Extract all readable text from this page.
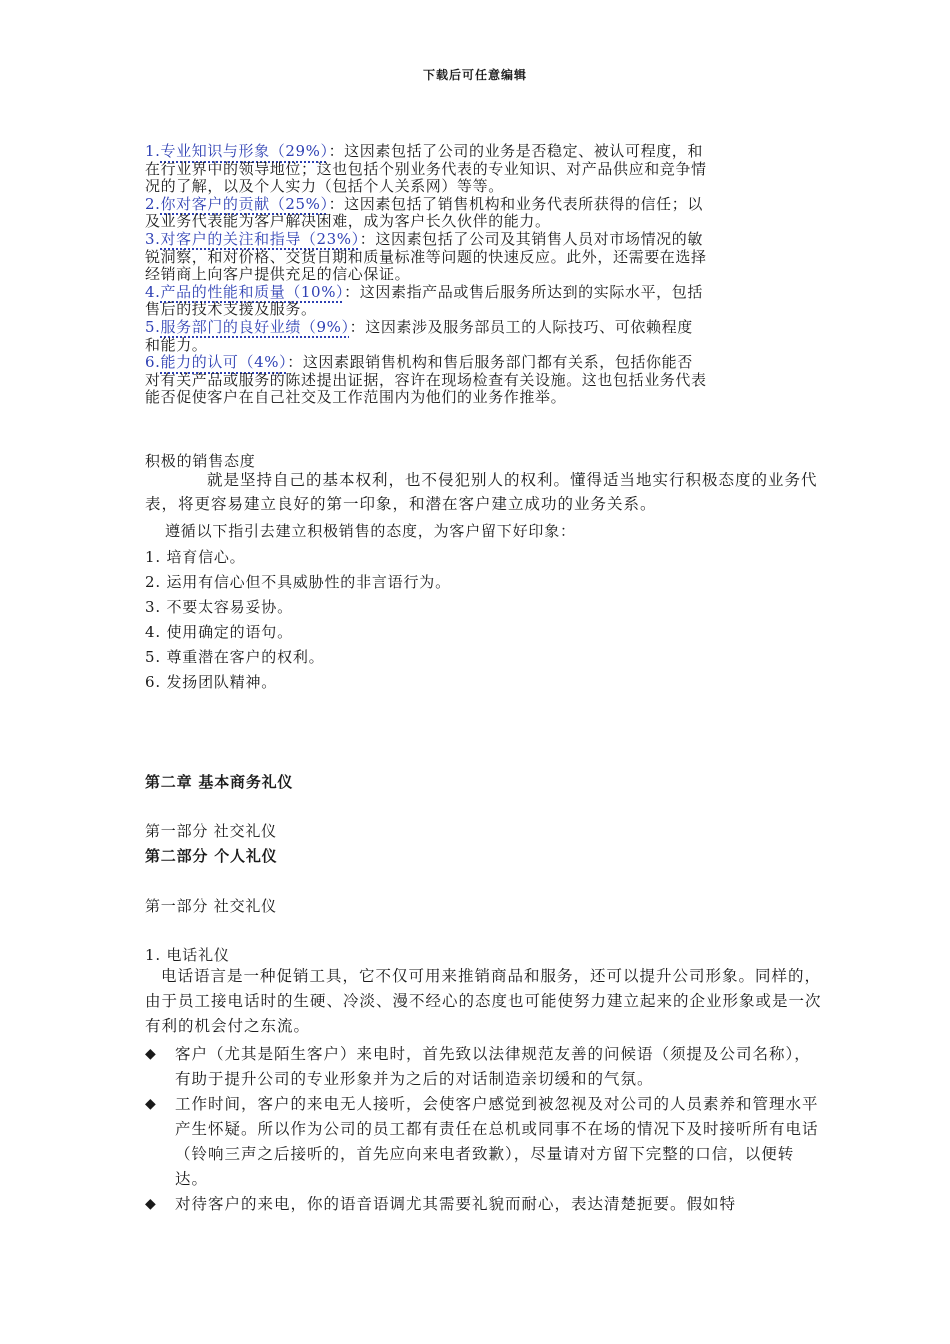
下载后可任意编辑
1.专业知识与形象（29%）：这因素包括了公司的业务是否稳定、被认可程度，和
在行业界中的领导地位；这也包括个别业务代表的专业知识、对产品供应和竞争情
况的了解，以及个人实力（包括个人关系网）等等。
2.你对客户的贡献（25%）：这因素包括了销售机构和业务代表所获得的信任；以
及业务代表能为客户解决困难，成为客户长久伙伴的能力。
3.对客户的关注和指导（23%）：这因素包括了公司及其销售人员对市场情况的敏
锐洞察，和对价格、交货日期和质量标准等问题的快速反应。此外，还需要在选择
经销商上向客户提供充足的信心保证。
4.产品的性能和质量（10%）：这因素指产品或售后服务所达到的实际水平，包括
售后的技术支援及服务。
5.服务部门的良好业绩（9%）：这因素涉及服务部员工的人际技巧、可依赖程度
和能力。
6.能力的认可（4%）：这因素跟销售机构和售后服务部门都有关系，包括你能否
对有关产品或服务的陈述提出证据，容许在现场检查有关设施。这也包括业务代表
能否促使客户在自己社交及工作范围内为他们的业务作推举。
积极的销售态度
就是坚持自己的基本权利，也不侵犯别人的权利。懂得适当地实行积极态度的业务代表，将更容易建立良好的第一印象，和潜在客户建立成功的业务关系。
遵循以下指引去建立积极销售的态度，为客户留下好印象：
1. 培育信心。
2. 运用有信心但不具威胁性的非言语行为。
3. 不要太容易妥协。
4. 使用确定的语句。
5. 尊重潜在客户的权利。
6. 发扬团队精神。
第二章 基本商务礼仪
第一部分 社交礼仪
第二部分 个人礼仪
第一部分 社交礼仪
1. 电话礼仪
电话语言是一种促销工具，它不仅可用来推销商品和服务，还可以提升公司形象。同样的，由于员工接电话时的生硬、冷淡、漫不经心的态度也可能使努力建立起来的企业形象或是一次有利的机会付之东流。
◆ 客户（尤其是陌生客户）来电时，首先致以法律规范友善的问候语（须提及公司名称），有助于提升公司的专业形象并为之后的对话制造亲切缓和的气氛。
◆ 工作时间，客户的来电无人接听，会使客户感觉到被忽视及对公司的人员素养和管理水平产生怀疑。所以作为公司的员工都有责任在总机或同事不在场的情况下及时接听所有电话（铃响三声之后接听的，首先应向来电者致歉），尽量请对方留下完整的口信，以便转达。
◆ 对待客户的来电，你的语音语调尤其需要礼貌而耐心，表达清楚扼要。假如特
